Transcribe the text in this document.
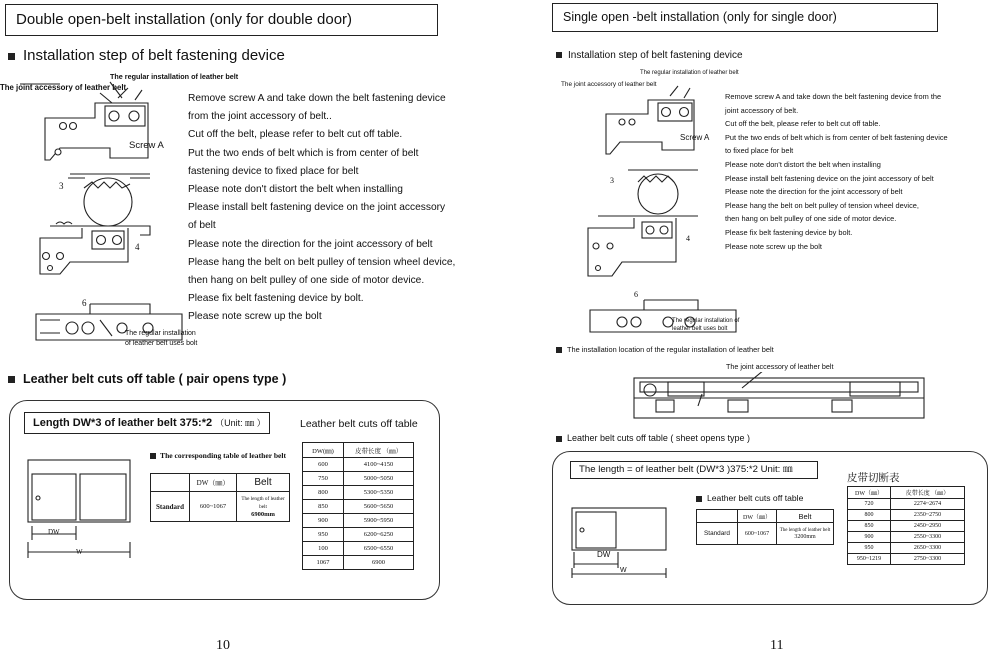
Double open-belt installation (only for double door)
Installation step of belt fastening device
The joint accessory of leather belt
The regular installation of leather belt
Screw A
3
4
6
The regular installation
of leather belt uses bolt
Remove screw A and take down the belt fastening device
from the joint accessory of belt..
Cut off the belt, please refer to belt cut off table.
Put the two ends of belt which is from center of belt
fastening device to fixed place for belt
Please note don't distort the belt when installing
Please install belt fastening device on the joint accessory
of belt
Please note the direction for the joint accessory of belt
Please hang the belt on belt pulley of tension wheel device,
then hang on belt pulley of one side of motor device.
Please fix belt fastening device by bolt.
Please note screw up the bolt
Leather belt cuts off table ( pair opens type )
Length DW*3 of leather belt 375:*2 （Unit: ㎜ ）	Leather belt cuts off table
DW
W
The corresponding table of leather belt
	DW（㎜）	Belt
Standard	600~1067	The length of leather belt
6900mm
DW(㎜)	皮带长度 （㎜）
600	4100~4150
750	5000~5050
800	5300~5350
850	5600~5650
900	5900~5950
950	6200~6250
100	6500~6550
1067	6900
10
Single open -belt installation (only for single door)
Installation step of belt fastening device
The joint accessory of leather belt
The regular installation of leather belt
Screw A
3
4
6
The regular installation of
leather belt uses bolt
Remove screw A and take down the belt fastening device from the
joint accessory of belt.
Cut off the belt, please refer to belt cut off table.
Put the two ends of belt which is from center of belt fastening device
to fixed place for belt
Please note don't distort the belt when installing
Please install belt fastening device on the joint accessory of belt
Please note the direction for the joint accessory of belt
Please hang the belt on belt pulley of tension wheel device,
then hang on belt pulley of one side of motor device.
Please fix belt fastening device by bolt.
Please note screw up the bolt
The installation location of the regular installation of leather belt
The joint accessory of leather belt
Leather belt cuts off table ( sheet opens type )
The length = of leather belt (DW*3 )375:*2 Unit: ㎜
皮带切断表
DW
W
Leather belt cuts off table
	DW（㎜）	Belt
Standard	600~1067	The length of leather belt
3200mm
DW（㎜）	皮带长度 （㎜）
720	2274~2674
800	2350~2750
850	2450~2950
900	2550~3300
950	2650~3300
950~1219	2750~3300
11
